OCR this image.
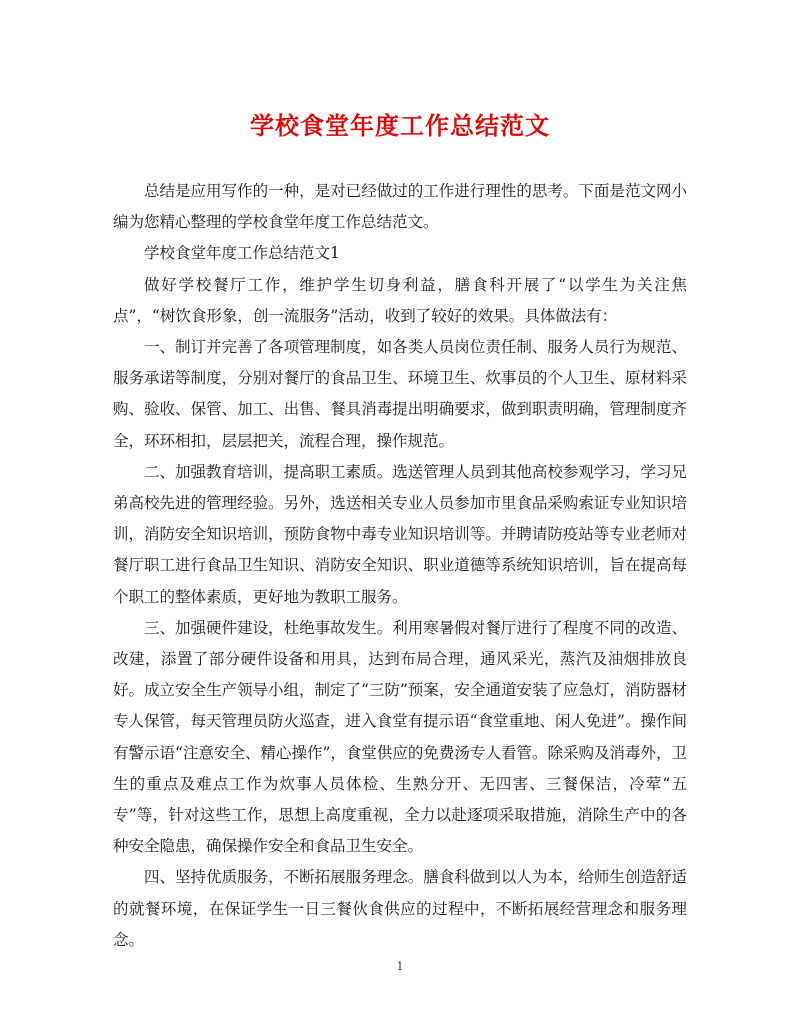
学校食堂年度工作总结范文

总结是应用写作的一种，是对已经做过的工作进行理性的思考。下面是范文网小编为您精心整理的学校食堂年度工作总结范文。

学校食堂年度工作总结范文1

做好学校餐厅工作，维护学生切身利益，膳食科开展了“以学生为关注焦点”，“树饮食形象，创一流服务”活动，收到了较好的效果。具体做法有：

一、制订并完善了各项管理制度，如各类人员岗位责任制、服务人员行为规范、服务承诺等制度，分别对餐厅的食品卫生、环境卫生、炊事员的个人卫生、原材料采购、验收、保管、加工、出售、餐具消毒提出明确要求，做到职责明确，管理制度齐全，环环相扣，层层把关，流程合理，操作规范。

二、加强教育培训，提高职工素质。选送管理人员到其他高校参观学习，学习兄弟高校先进的管理经验。另外，选送相关专业人员参加市里食品采购索证专业知识培训，消防安全知识培训，预防食物中毒专业知识培训等。并聘请防疫站等专业老师对餐厅职工进行食品卫生知识、消防安全知识、职业道德等系统知识培训，旨在提高每个职工的整体素质，更好地为教职工服务。

三、加强硬件建设，杜绝事故发生。利用寒暑假对餐厅进行了程度不同的改造、改建，添置了部分硬件设备和用具，达到布局合理，通风采光，蒸汽及油烟排放良好。成立安全生产领导小组，制定了“三防”预案，安全通道安装了应急灯，消防器材专人保管，每天管理员防火巡查，进入食堂有提示语“食堂重地、闲人免进”。操作间有警示语“注意安全、精心操作”，食堂供应的免费汤专人看管。除采购及消毒外，卫生的重点及难点工作为炊事人员体检、生熟分开、无四害、三餐保洁，冷荤“五专”等，针对这些工作，思想上高度重视，全力以赴逐项采取措施，消除生产中的各种安全隐患，确保操作安全和食品卫生安全。

四、坚持优质服务，不断拓展服务理念。膳食科做到以人为本，给师生创造舒适的就餐环境，在保证学生一日三餐伙食供应的过程中，不断拓展经营理念和服务理念。

1
